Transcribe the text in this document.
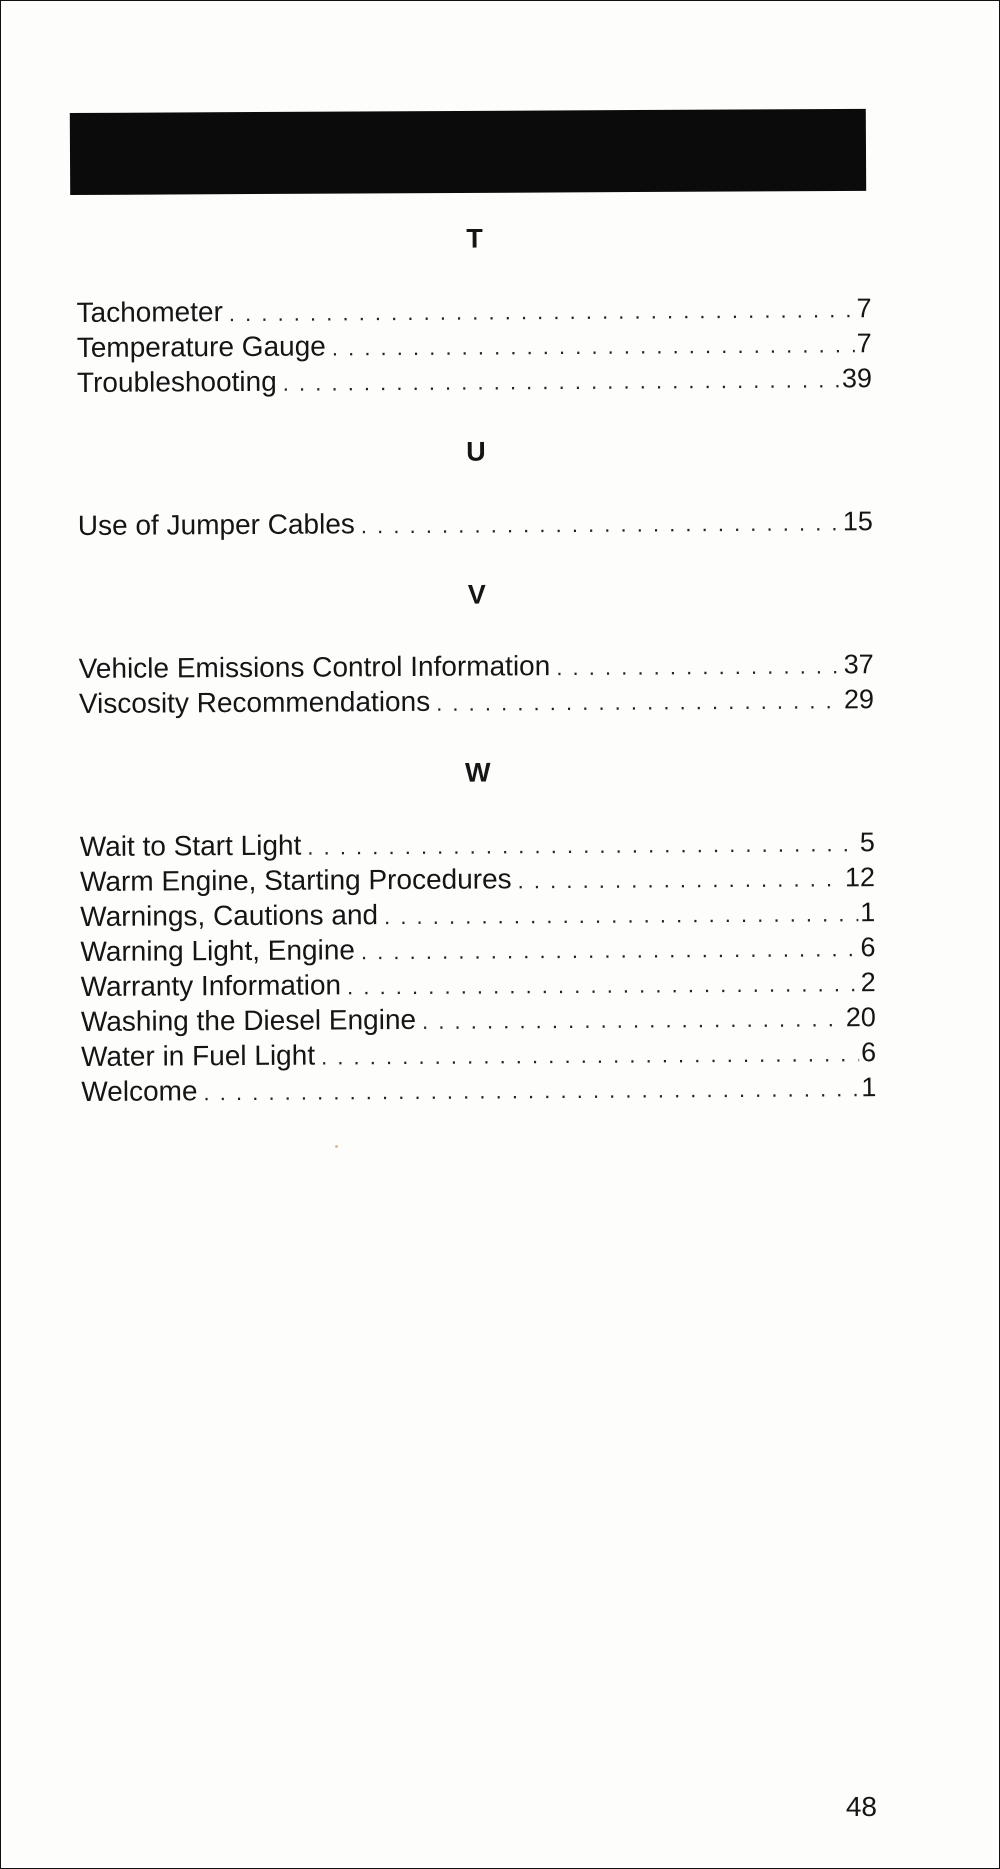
T
Tachometer . . .	7
Temperature Gauge . . .	7
Troubleshooting . . .	39
U
Use of Jumper Cables . . .	15
V
Vehicle Emissions Control Information . . .	37
Viscosity Recommendations . . .	29
W
Wait to Start Light . . .	5
Warm Engine, Starting Procedures . . .	12
Warnings, Cautions and . . .	1
Warning Light, Engine . . .	6
Warranty Information . . .	2
Washing the Diesel Engine . . .	20
Water in Fuel Light . . .	6
Welcome . . .	1
48
